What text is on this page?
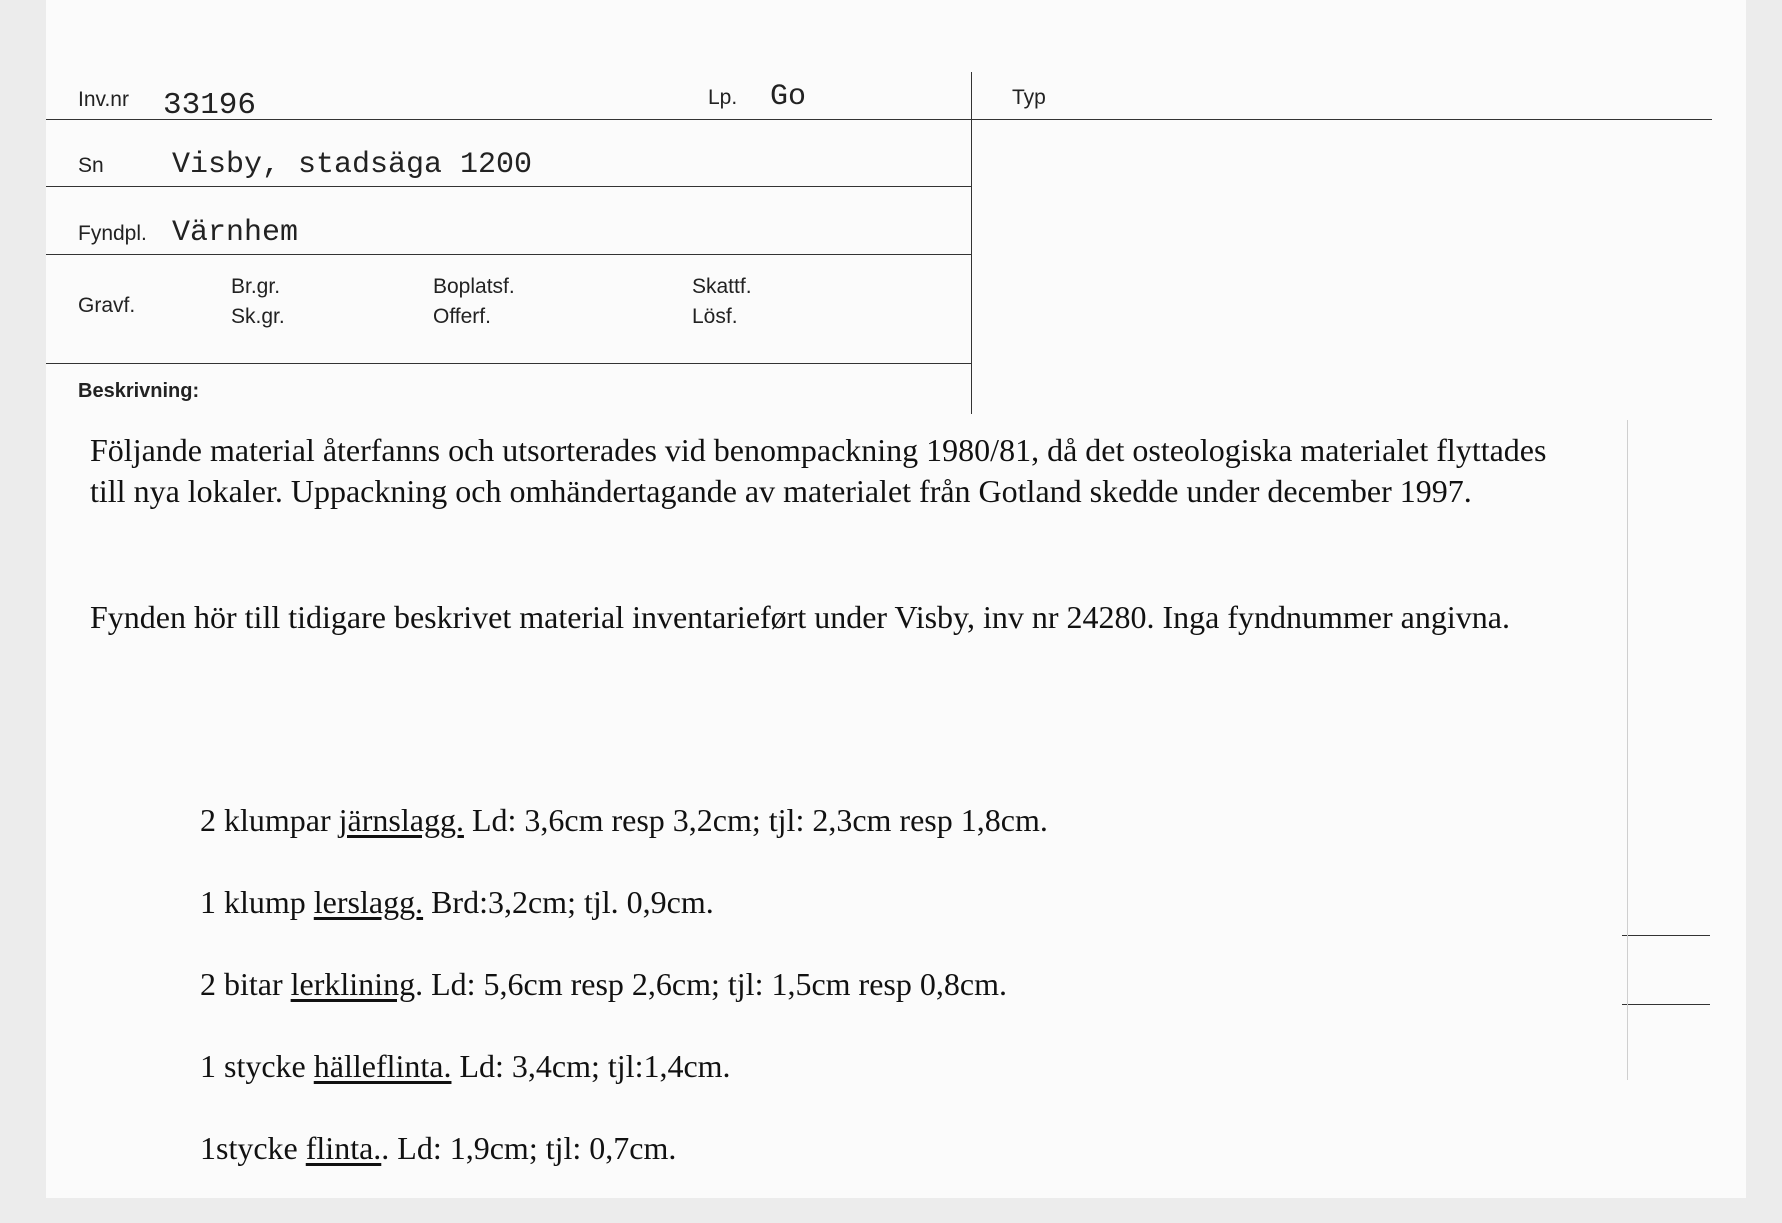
Inv.nr 33196	Lp. Go	Typ
Sn Visby, stadsäga 1200
Fyndpl. Värnhem
Gravf.
Br.gr.
Sk.gr.
Boplatsf.
Offerf.
Skattf.
Lösf.
Beskrivning:
Följande material återfanns och utsorterades vid benompackning 1980/81, då det osteologiska materialet flyttades till nya lokaler. Uppackning och omhändertagande av materialet från Gotland skedde under december 1997.
Fynden hör till tidigare beskrivet material inventarieført under Visby, inv nr 24280. Inga fyndnummer angivna.
2 klumpar järnslagg. Ld: 3,6cm resp 3,2cm; tjl: 2,3cm resp 1,8cm.
1 klump lerslagg. Brd:3,2cm; tjl. 0,9cm.
2 bitar lerklining. Ld: 5,6cm resp 2,6cm; tjl: 1,5cm resp 0,8cm.
1 stycke hälleflinta. Ld: 3,4cm; tjl:1,4cm.
1stycke flinta.. Ld: 1,9cm; tjl: 0,7cm.
